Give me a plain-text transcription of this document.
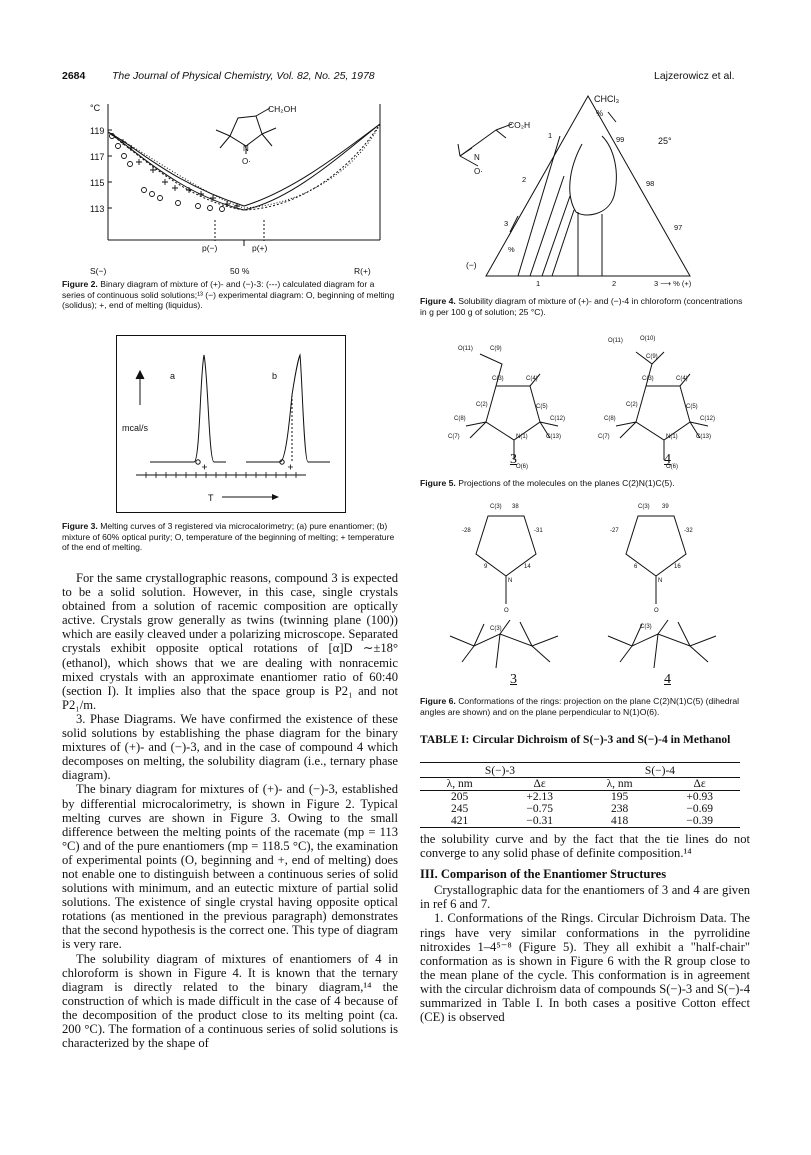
2684	The Journal of Physical Chemistry, Vol. 82, No. 25, 1978	Lajzerowicz et al.
°C
119
117
115
113
CH₂OH
N
O·
p(−)	p(+)
S(−)	50 %	R(+)
Figure 2. Binary diagram of mixture of (+)- and (−)-3: (---) calculated diagram for a series of continuous solid solutions;¹³ (−) experimental diagram: O, beginning of melting (solidus); +, end of melting (liquidus).
a	b
mcal/s
T
Figure 3. Melting curves of 3 registered via microcalorimetry; (a) pure enantiomer; (b) mixture of 60% optical purity; O, temperature of the beginning of melting; + temperature of the end of melting.

For the same crystallographic reasons, compound 3 is expected to be a solid solution. However, in this case, single crystals obtained from a solution of racemic composition are optically active. Crystals grow generally as twins (twinning plane (100)) which are easily cleaved under a polarizing microscope. Separated crystals exhibit opposite optical rotations of [α]D ∼±18° (ethanol), which shows that we are dealing with nonracemic mixed crystals with an approximate enantiomer ratio of 60:40 (section I). It implies also that the space group is P2₁ and not P2₁/m.

3. Phase Diagrams. We have confirmed the existence of these solid solutions by establishing the phase diagram for the binary mixtures of (+)- and (−)-3, and in the case of compound 4 which decomposes on melting, the solubility diagram (i.e., ternary phase diagram).

The binary diagram for mixtures of (+)- and (−)-3, established by differential microcalorimetry, is shown in Figure 2. Typical melting curves are shown in Figure 3. Owing to the small difference between the melting points of the racemate (mp = 113 °C) and of the pure enantiomers (mp = 118.5 °C), the examination of experimental points (O, beginning and +, end of melting) does not enable one to distinguish between a continuous series of solid solutions with minimum, and an eutectic mixture of partial solid solutions. The existence of single crystal having opposite optical rotations (as mentioned in the previous paragraph) demonstrates that the second hypothesis is the correct one. This type of diagram is very rare.

The solubility diagram of mixtures of enantiomers of 4 in chloroform is shown in Figure 4. It is known that the ternary diagram is directly related to the binary diagram,¹⁴ the construction of which is made difficult in the case of 4 because of the decomposition of the product close to its melting point (ca. 200 °C). The formation of a continuous series of solid solutions is characterized by the shape of

CHCl₃
%
CO₂H
N
O·
25°
99
98
97
1
2
3
%
(−)
1	2	3 ⟶ % (+)
Figure 4. Solubility diagram of mixture of (+)- and (−)-4 in chloroform (concentrations in g per 100 g of solution; 25 °C).
O(11)	C(9)
C(3)	C(4)
C(2)	C(5)
C(8)	C(12)
C(7)	N(1)	C(13)
O(6)
O(11)	O(10)
C(9)
C(3)	C(4)
C(2)	C(5)
C(8)	C(12)
C(7)	N(1)	C(13)
O(6)
3	4
Figure 5. Projections of the molecules on the planes C(2)N(1)C(5).
C(3) 38
-28	-31
9	14
N
O
C(3)
C(3) 39
-27	-32
6	16
N
O
C(3)
3	4
Figure 6. Conformations of the rings: projection on the plane C(2)N(1)C(5) (dihedral angles are shown) and on the plane perpendicular to N(1)O(6).
TABLE I: Circular Dichroism of S(−)-3 and S(−)-4 in Methanol
S(−)-3		S(−)-4	
λ, nm	Δε	λ, nm	Δε
205	+2.13	195	+0.93
245	−0.75	238	−0.69
421	−0.31	418	−0.39

the solubility curve and by the fact that the tie lines do not converge to any solid phase of definite composition.¹⁴

III. Comparison of the Enantiomer Structures

Crystallographic data for the enantiomers of 3 and 4 are given in ref 6 and 7.

1. Conformations of the Rings. Circular Dichroism Data. The rings have very similar conformations in the pyrrolidine nitroxides 1–4⁵⁻⁸ (Figure 5). They all exhibit a "half-chair" conformation as is shown in Figure 6 with the R group close to the mean plane of the cycle. This conformation is in agreement with the circular dichroism data of compounds S(−)-3 and S(−)-4 summarized in Table I. In both cases a positive Cotton effect (CE) is observed
